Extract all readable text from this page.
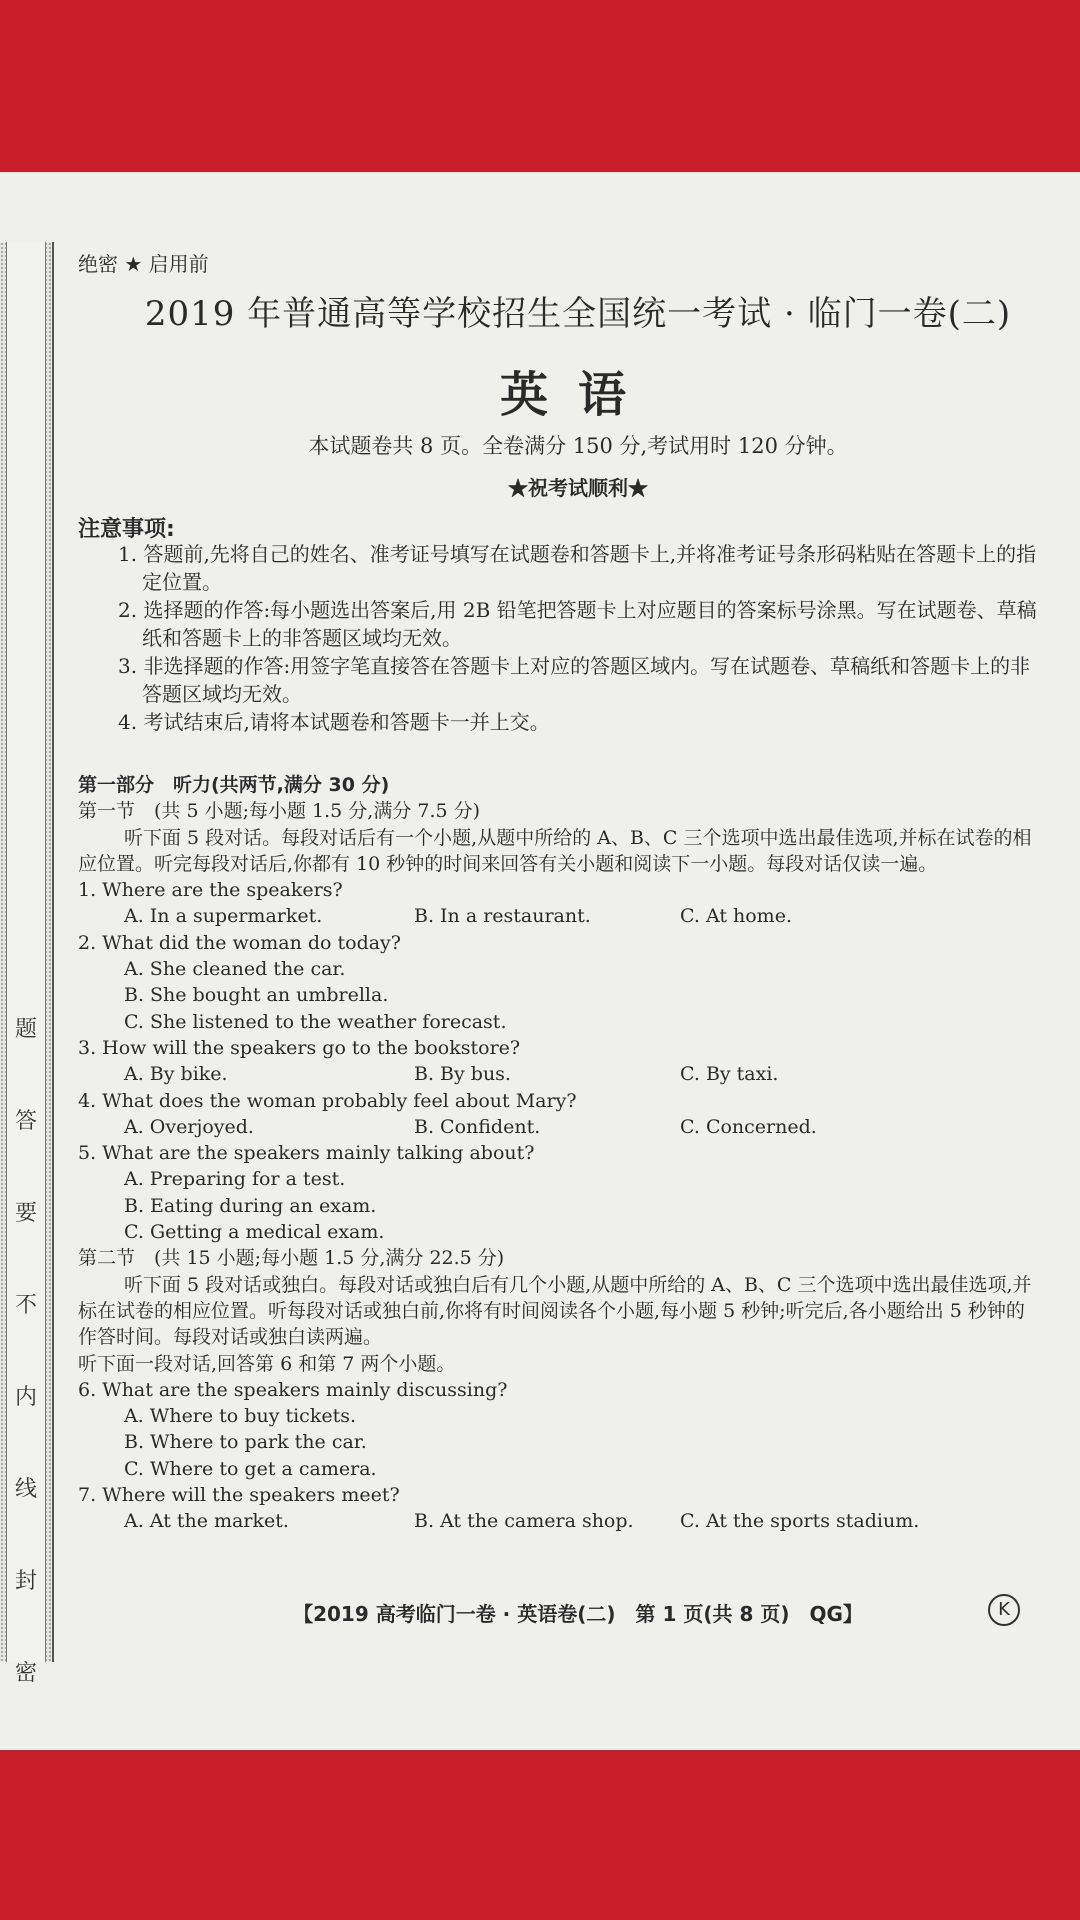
题
答
要
不
内
线
封
密
绝密 ★ 启用前
2019 年普通高等学校招生全国统一考试 · 临门一卷(二)
英语
本试题卷共 8 页。全卷满分 150 分,考试用时 120 分钟。
★祝考试顺利★
注意事项:

1. 答题前,先将自己的姓名、准考证号填写在试题卷和答题卡上,并将准考证号条形码粘贴在答题卡上的指定位置。

2. 选择题的作答:每小题选出答案后,用 2B 铅笔把答题卡上对应题目的答案标号涂黑。写在试题卷、草稿纸和答题卡上的非答题区域均无效。

3. 非选择题的作答:用签字笔直接答在答题卡上对应的答题区域内。写在试题卷、草稿纸和答题卡上的非答题区域均无效。

4. 考试结束后,请将本试题卷和答题卡一并上交。

第一部分　听力(共两节,满分 30 分)
第一节　(共 5 小题;每小题 1.5 分,满分 7.5 分)
听下面 5 段对话。每段对话后有一个小题,从题中所给的 A、B、C 三个选项中选出最佳选项,并标在试卷的相应位置。听完每段对话后,你都有 10 秒钟的时间来回答有关小题和阅读下一小题。每段对话仅读一遍。
1. Where are the speakers?
A. In a supermarket.	B. In a restaurant.	C. At home.
2. What did the woman do today?
A. She cleaned the car.
B. She bought an umbrella.
C. She listened to the weather forecast.
3. How will the speakers go to the bookstore?
A. By bike.	B. By bus.	C. By taxi.
4. What does the woman probably feel about Mary?
A. Overjoyed.	B. Confident.	C. Concerned.
5. What are the speakers mainly talking about?
A. Preparing for a test.
B. Eating during an exam.
C. Getting a medical exam.
第二节　(共 15 小题;每小题 1.5 分,满分 22.5 分)
听下面 5 段对话或独白。每段对话或独白后有几个小题,从题中所给的 A、B、C 三个选项中选出最佳选项,并标在试卷的相应位置。听每段对话或独白前,你将有时间阅读各个小题,每小题 5 秒钟;听完后,各小题给出 5 秒钟的作答时间。每段对话或独白读两遍。
听下面一段对话,回答第 6 和第 7 两个小题。
6. What are the speakers mainly discussing?
A. Where to buy tickets.
B. Where to park the car.
C. Where to get a camera.
7. Where will the speakers meet?
A. At the market.	B. At the camera shop. C. At the sports stadium.
【2019 高考临门一卷 · 英语卷(二)　第 1 页(共 8 页)　QG】	K
